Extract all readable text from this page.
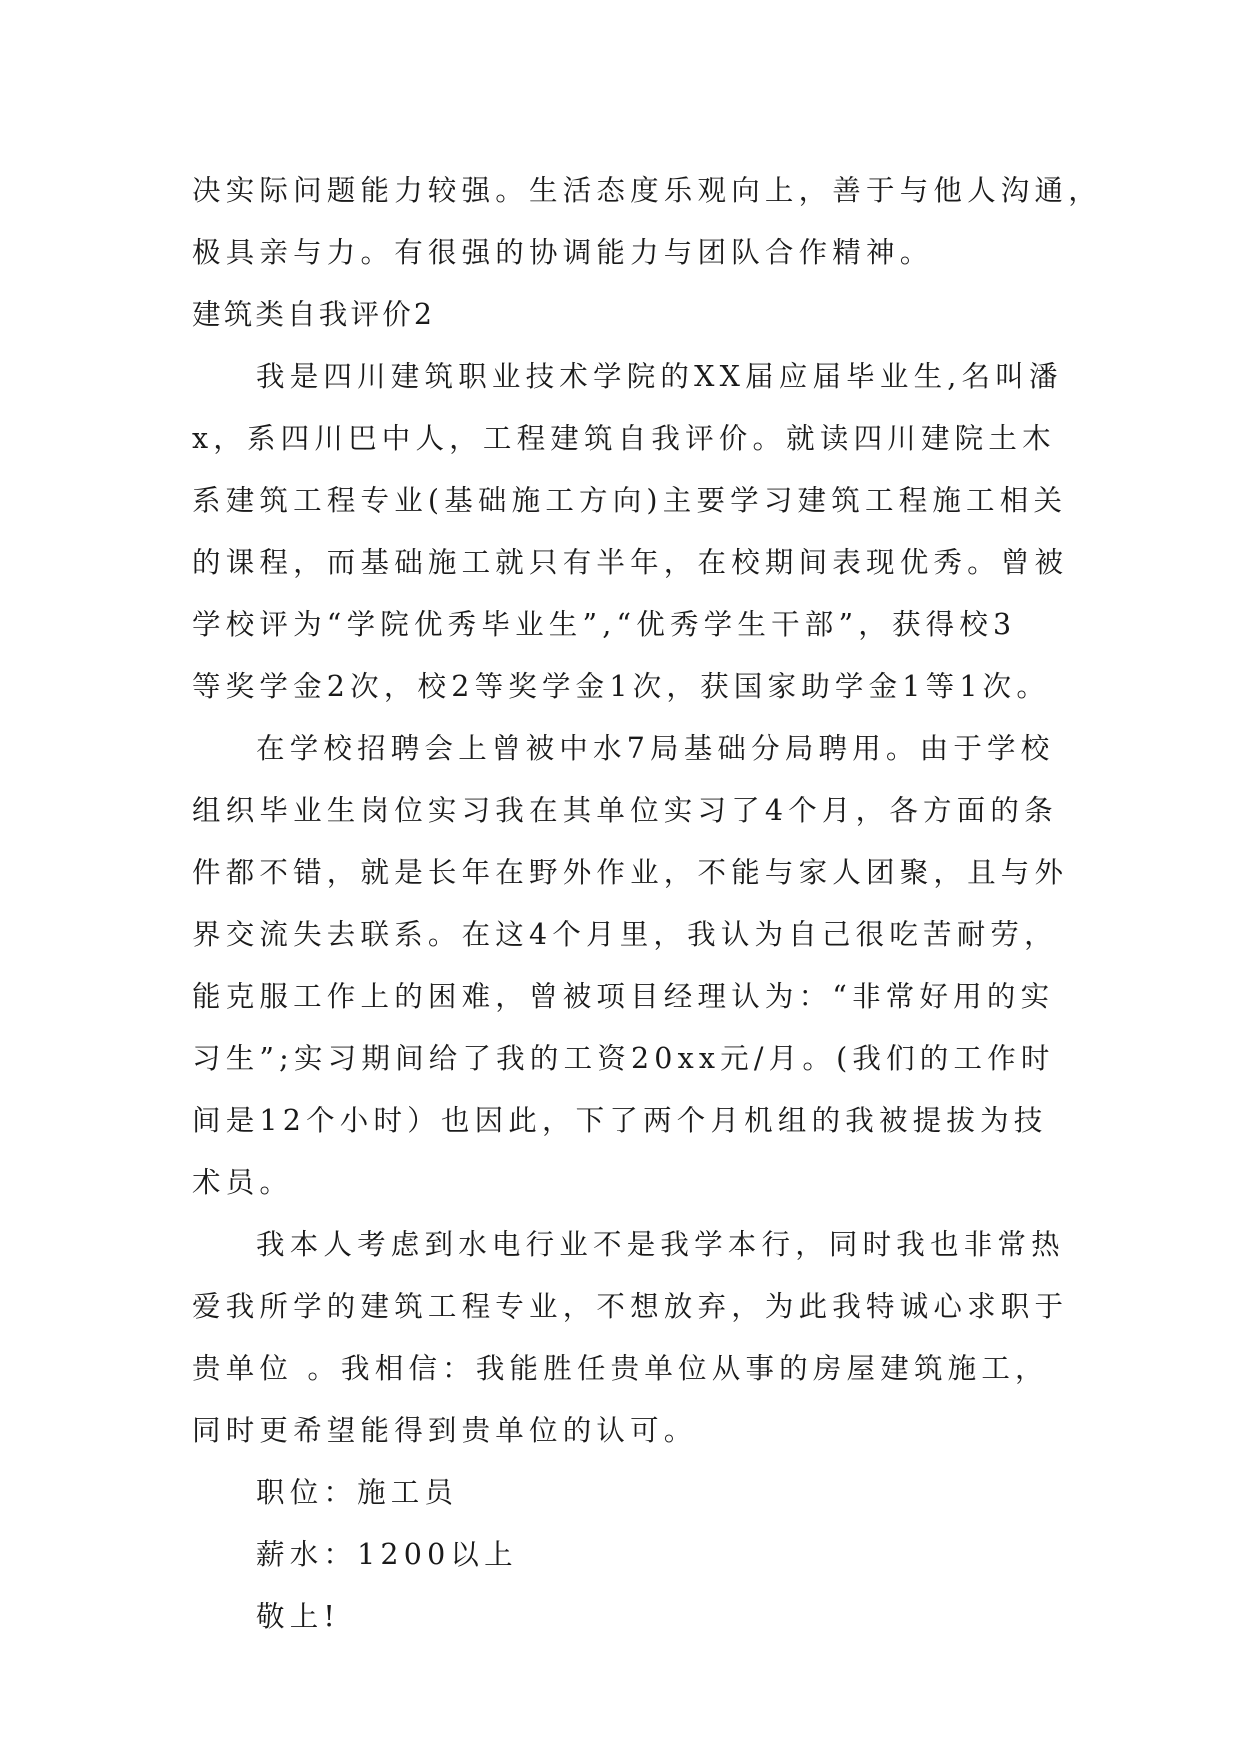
决实际问题能力较强。生活态度乐观向上，善于与他人沟通，
极具亲与力。有很强的协调能力与团队合作精神。
建筑类自我评价2
我是四川建筑职业技术学院的XX届应届毕业生,名叫潘
x，系四川巴中人，工程建筑自我评价。就读四川建院土木
系建筑工程专业(基础施工方向)主要学习建筑工程施工相关
的课程，而基础施工就只有半年，在校期间表现优秀。曾被
学校评为“学院优秀毕业生”,“优秀学生干部”，获得校3
等奖学金2次，校2等奖学金1次，获国家助学金1等1次。
在学校招聘会上曾被中水7局基础分局聘用。由于学校
组织毕业生岗位实习我在其单位实习了4个月，各方面的条
件都不错，就是长年在野外作业，不能与家人团聚，且与外
界交流失去联系。在这4个月里，我认为自己很吃苦耐劳，
能克服工作上的困难，曾被项目经理认为：“非常好用的实
习生”;实习期间给了我的工资20xx元/月。(我们的工作时
间是12个小时）也因此，下了两个月机组的我被提拔为技
术员。
我本人考虑到水电行业不是我学本行，同时我也非常热
爱我所学的建筑工程专业，不想放弃，为此我特诚心求职于
贵单位 。我相信：我能胜任贵单位从事的房屋建筑施工，
同时更希望能得到贵单位的认可。
职位：施工员
薪水：1200以上
敬上!
